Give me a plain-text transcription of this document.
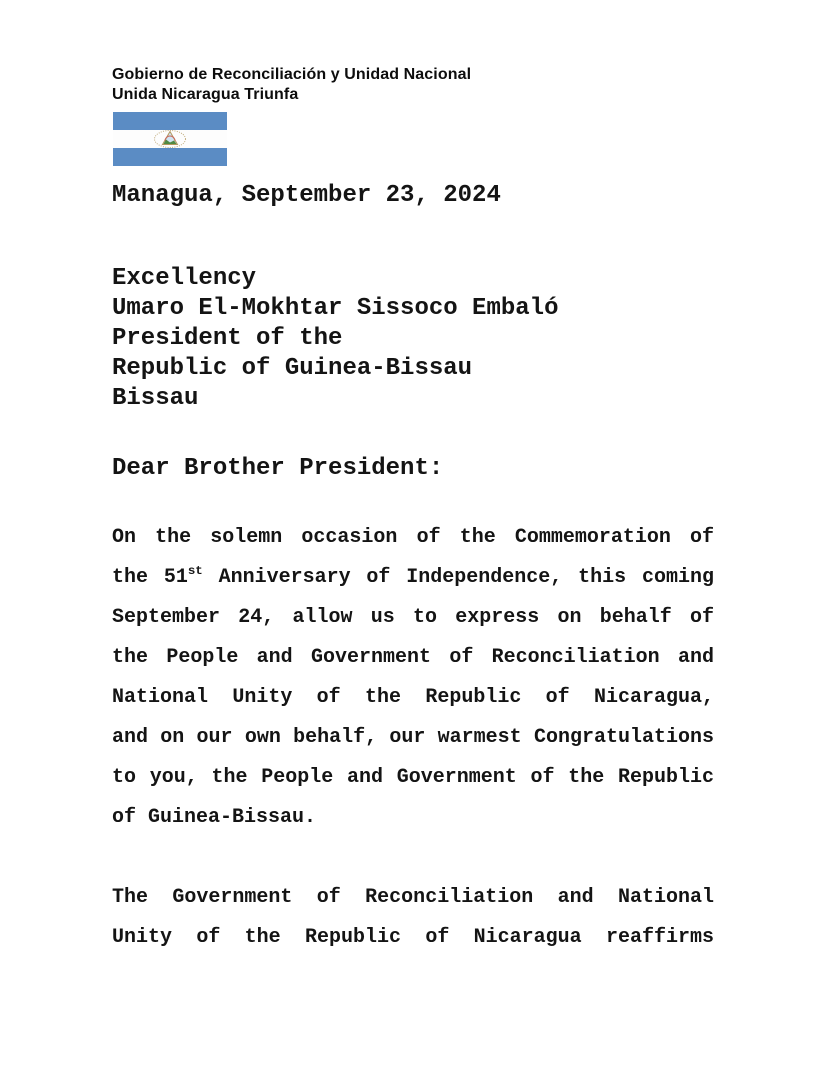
Gobierno de Reconciliación y Unidad Nacional
Unida Nicaragua Triunfa
Managua, September 23, 2024
Excellency
Umaro El-Mokhtar Sissoco Embaló
President of the
Republic of Guinea-Bissau
Bissau
Dear Brother President:
On the solemn occasion of the Commemoration of
the 51st Anniversary of Independence, this coming
September 24, allow us to express on behalf of
the People and Government of Reconciliation and
National Unity of the Republic of Nicaragua,
and on our own behalf, our warmest Congratulations
to you, the People and Government of the Republic
of Guinea-Bissau.
The Government of Reconciliation and National
Unity of the Republic of Nicaragua reaffirms
